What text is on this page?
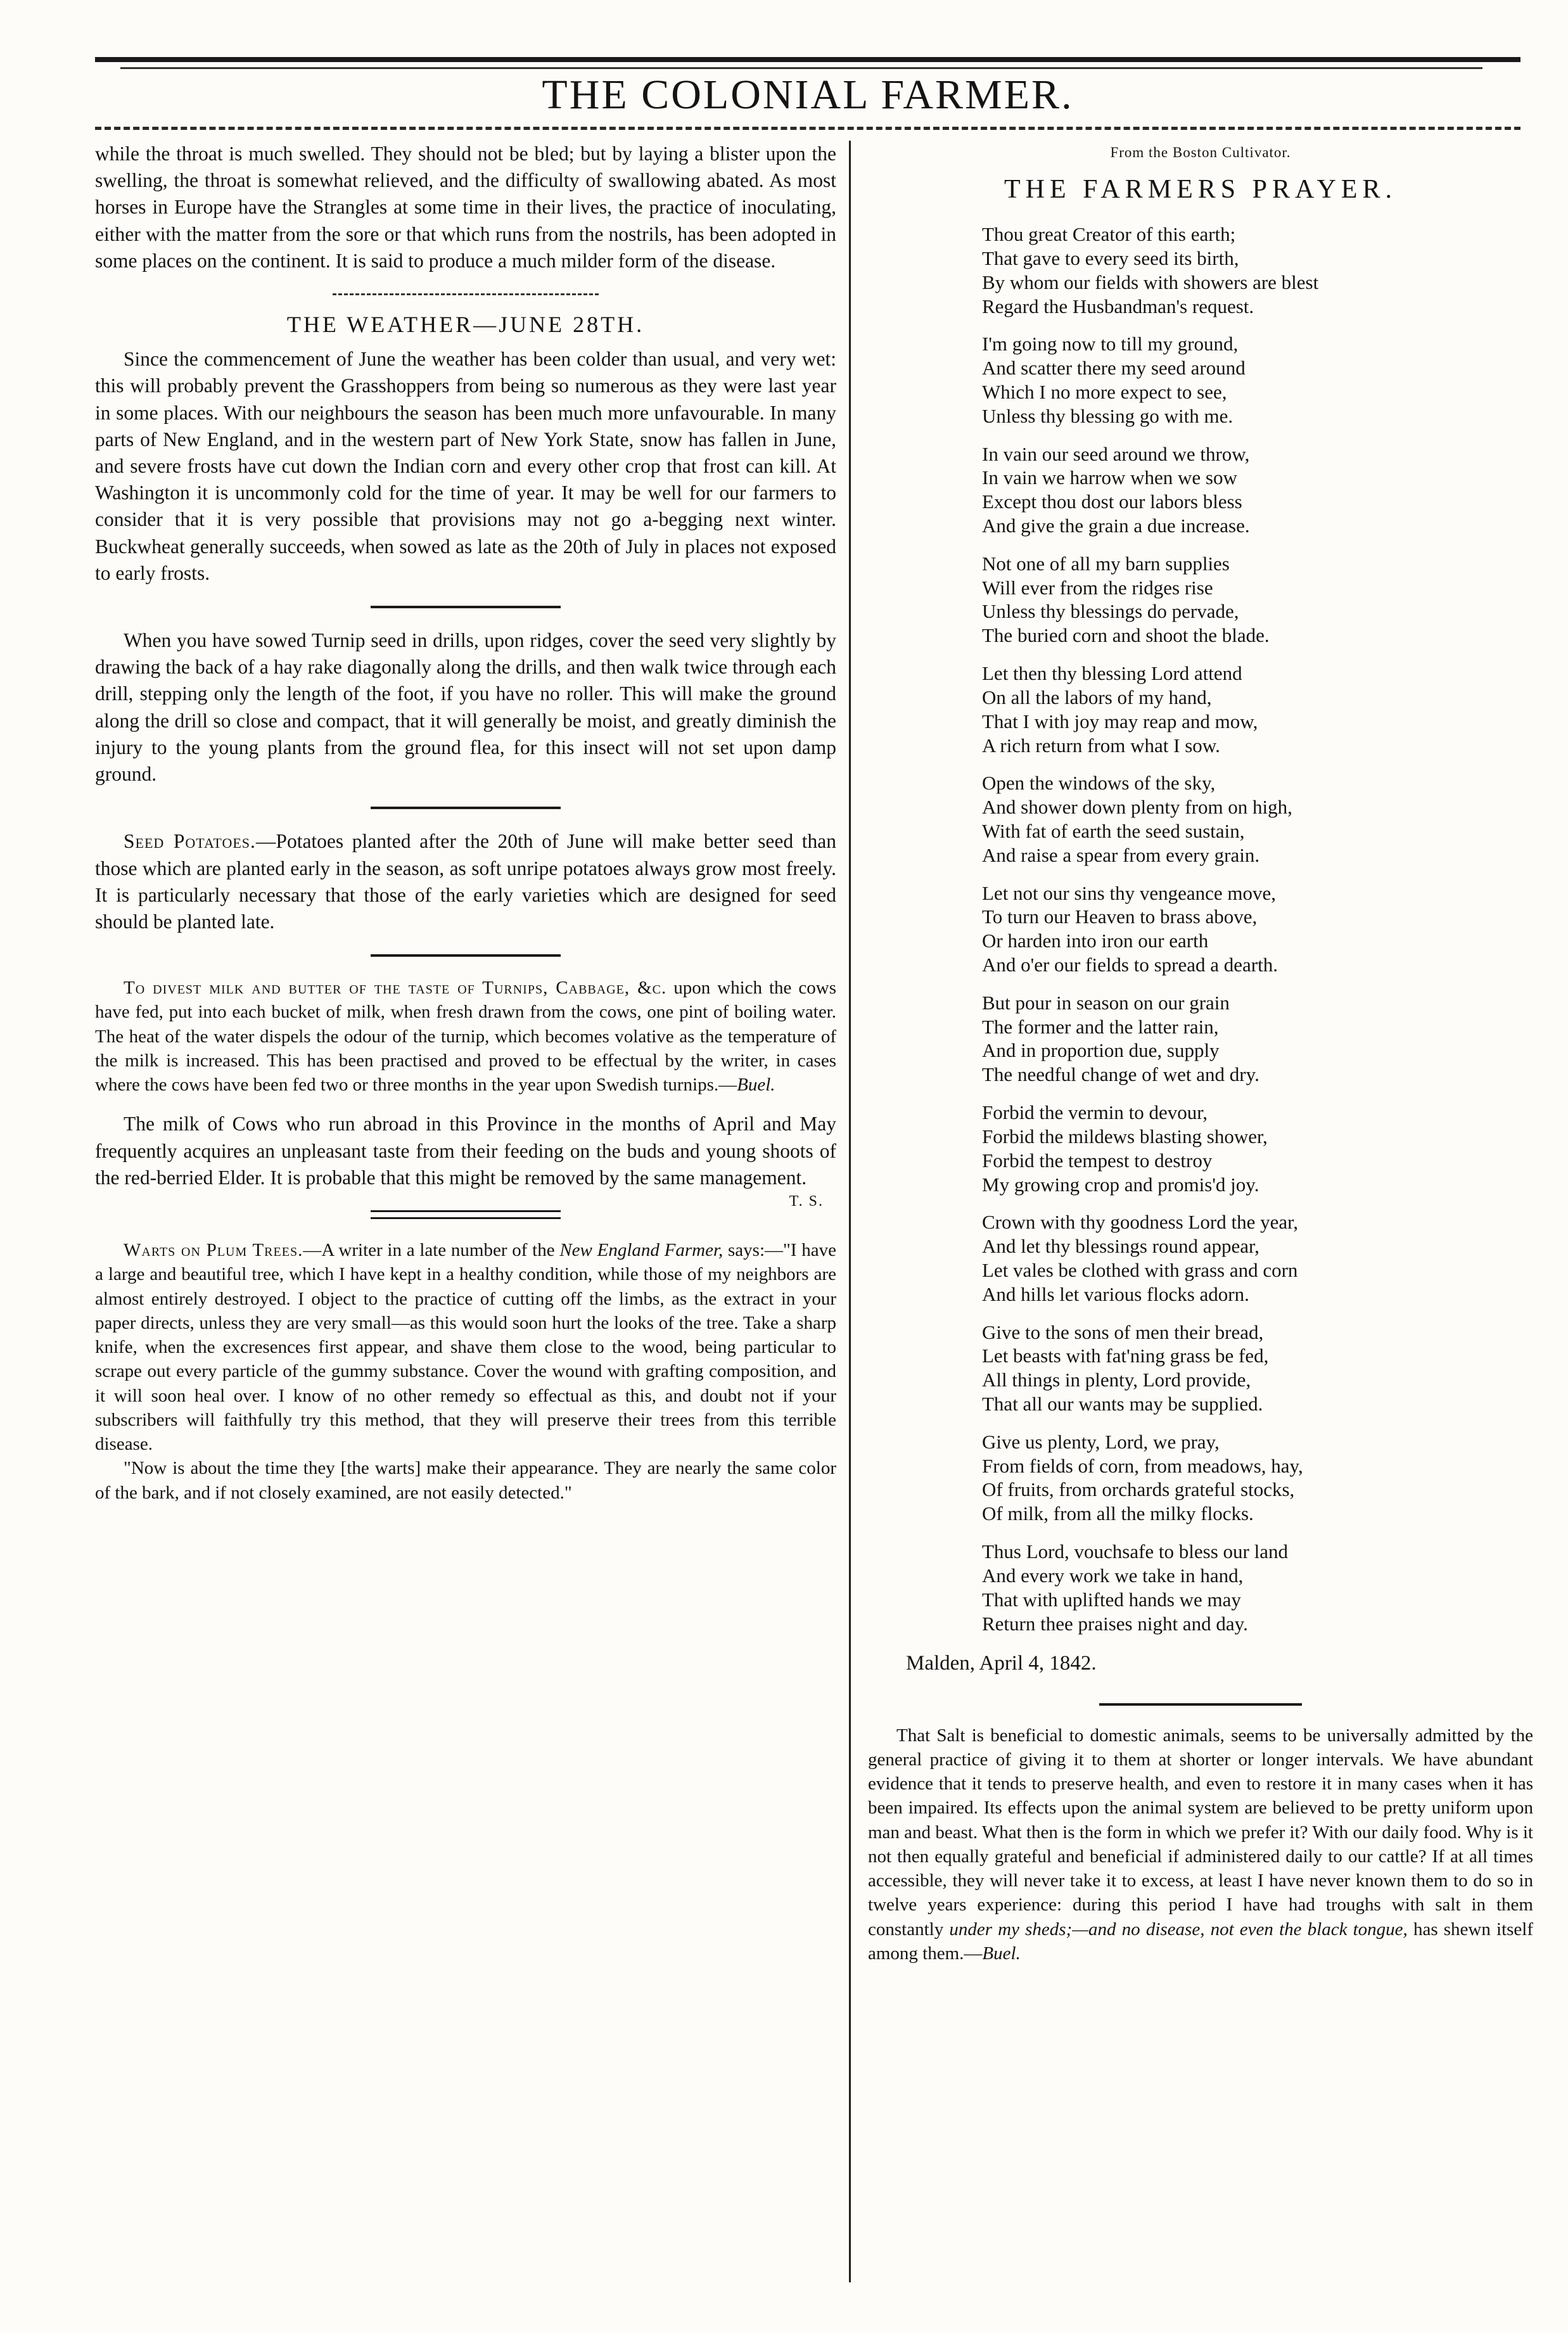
THE COLONIAL FARMER.

while the throat is much swelled. They should not be bled; but by laying a blister upon the swelling, the throat is somewhat relieved, and the difficulty of swallowing abated. As most horses in Europe have the Strangles at some time in their lives, the practice of inoculating, either with the matter from the sore or that which runs from the nostrils, has been adopted in some places on the continent. It is said to produce a much milder form of the disease.

THE WEATHER—JUNE 28TH.

Since the commencement of June the weather has been colder than usual, and very wet: this will probably prevent the Grasshoppers from being so numerous as they were last year in some places. With our neighbours the season has been much more unfavourable. In many parts of New England, and in the western part of New York State, snow has fallen in June, and severe frosts have cut down the Indian corn and every other crop that frost can kill. At Washington it is uncommonly cold for the time of year. It may be well for our farmers to consider that it is very possible that provisions may not go a-begging next winter. Buckwheat generally succeeds, when sowed as late as the 20th of July in places not exposed to early frosts.

When you have sowed Turnip seed in drills, upon ridges, cover the seed very slightly by drawing the back of a hay rake diagonally along the drills, and then walk twice through each drill, stepping only the length of the foot, if you have no roller. This will make the ground along the drill so close and compact, that it will generally be moist, and greatly diminish the injury to the young plants from the ground flea, for this insect will not set upon damp ground.

Seed Potatoes.—Potatoes planted after the 20th of June will make better seed than those which are planted early in the season, as soft unripe potatoes always grow most freely. It is particularly necessary that those of the early varieties which are designed for seed should be planted late.

To divest milk and butter of the taste of Turnips, Cabbage, &c. upon which the cows have fed, put into each bucket of milk, when fresh drawn from the cows, one pint of boiling water. The heat of the water dispels the odour of the turnip, which becomes volative as the temperature of the milk is increased. This has been practised and proved to be effectual by the writer, in cases where the cows have been fed two or three months in the year upon Swedish turnips.—Buel.

The milk of Cows who run abroad in this Province in the months of April and May frequently acquires an unpleasant taste from their feeding on the buds and young shoots of the red-berried Elder. It is probable that this might be removed by the same management.
T. S.

Warts on Plum Trees.—A writer in a late number of the New England Farmer, says:—"I have a large and beautiful tree, which I have kept in a healthy condition, while those of my neighbors are almost entirely destroyed. I object to the practice of cutting off the limbs, as the extract in your paper directs, unless they are very small—as this would soon hurt the looks of the tree. Take a sharp knife, when the excresences first appear, and shave them close to the wood, being particular to scrape out every particle of the gummy substance. Cover the wound with grafting composition, and it will soon heal over. I know of no other remedy so effectual as this, and doubt not if your subscribers will faithfully try this method, that they will preserve their trees from this terrible disease.

"Now is about the time they [the warts] make their appearance. They are nearly the same color of the bark, and if not closely examined, are not easily detected."

From the Boston Cultivator.
THE FARMERS PRAYER.
Thou great Creator of this earth;
That gave to every seed its birth,
By whom our fields with showers are blest
Regard the Husbandman's request.
I'm going now to till my ground,
And scatter there my seed around
Which I no more expect to see,
Unless thy blessing go with me.
In vain our seed around we throw,
In vain we harrow when we sow
Except thou dost our labors bless
And give the grain a due increase.
Not one of all my barn supplies
Will ever from the ridges rise
Unless thy blessings do pervade,
The buried corn and shoot the blade.
Let then thy blessing Lord attend
On all the labors of my hand,
That I with joy may reap and mow,
A rich return from what I sow.
Open the windows of the sky,
And shower down plenty from on high,
With fat of earth the seed sustain,
And raise a spear from every grain.
Let not our sins thy vengeance move,
To turn our Heaven to brass above,
Or harden into iron our earth
And o'er our fields to spread a dearth.
But pour in season on our grain
The former and the latter rain,
And in proportion due, supply
The needful change of wet and dry.
Forbid the vermin to devour,
Forbid the mildews blasting shower,
Forbid the tempest to destroy
My growing crop and promis'd joy.
Crown with thy goodness Lord the year,
And let thy blessings round appear,
Let vales be clothed with grass and corn
And hills let various flocks adorn.
Give to the sons of men their bread,
Let beasts with fat'ning grass be fed,
All things in plenty, Lord provide,
That all our wants may be supplied.
Give us plenty, Lord, we pray,
From fields of corn, from meadows, hay,
Of fruits, from orchards grateful stocks,
Of milk, from all the milky flocks.
Thus Lord, vouchsafe to bless our land
And every work we take in hand,
That with uplifted hands we may
Return thee praises night and day.
Malden, April 4, 1842.

That Salt is beneficial to domestic animals, seems to be universally admitted by the general practice of giving it to them at shorter or longer intervals. We have abundant evidence that it tends to preserve health, and even to restore it in many cases when it has been impaired. Its effects upon the animal system are believed to be pretty uniform upon man and beast. What then is the form in which we prefer it? With our daily food. Why is it not then equally grateful and beneficial if administered daily to our cattle? If at all times accessible, they will never take it to excess, at least I have never known them to do so in twelve years experience: during this period I have had troughs with salt in them constantly under my sheds;—and no disease, not even the black tongue, has shewn itself among them.—Buel.
